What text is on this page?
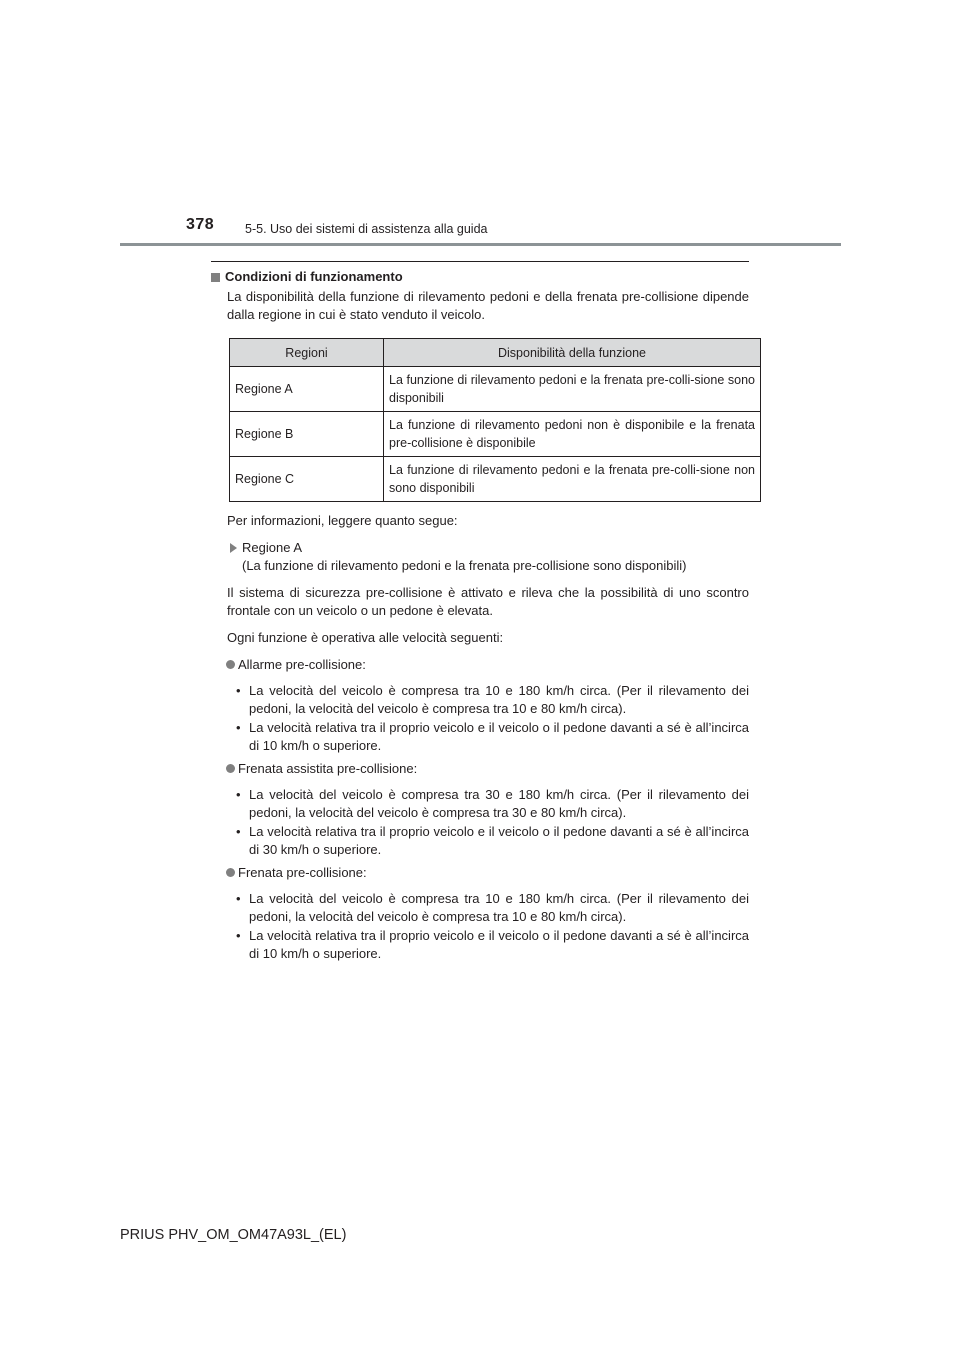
378 5-5. Uso dei sistemi di assistenza alla guida
Condizioni di funzionamento

La disponibilità della funzione di rilevamento pedoni e della frenata pre-collisione dipende dalla regione in cui è stato venduto il veicolo.

Regioni	Disponibilità della funzione
Regione A	La funzione di rilevamento pedoni e la frenata pre-colli-sione sono disponibili
Regione B	La funzione di rilevamento pedoni non è disponibile e la frenata pre-collisione è disponibile
Regione C	La funzione di rilevamento pedoni e la frenata pre-colli-sione non sono disponibili

Per informazioni, leggere quanto segue:

Regione A
(La funzione di rilevamento pedoni e la frenata pre-collisione sono disponibili)

Il sistema di sicurezza pre-collisione è attivato e rileva che la possibilità di uno scontro frontale con un veicolo o un pedone è elevata.

Ogni funzione è operativa alle velocità seguenti:

Allarme pre-collisione:
• La velocità del veicolo è compresa tra 10 e 180 km/h circa. (Per il rilevamento dei pedoni, la velocità del veicolo è compresa tra 10 e 80 km/h circa).
• La velocità relativa tra il proprio veicolo e il veicolo o il pedone davanti a sé è all’incirca di 10 km/h o superiore.
Frenata assistita pre-collisione:
• La velocità del veicolo è compresa tra 30 e 180 km/h circa. (Per il rilevamento dei pedoni, la velocità del veicolo è compresa tra 30 e 80 km/h circa).
• La velocità relativa tra il proprio veicolo e il veicolo o il pedone davanti a sé è all’incirca di 30 km/h o superiore.
Frenata pre-collisione:
• La velocità del veicolo è compresa tra 10 e 180 km/h circa. (Per il rilevamento dei pedoni, la velocità del veicolo è compresa tra 10 e 80 km/h circa).
• La velocità relativa tra il proprio veicolo e il veicolo o il pedone davanti a sé è all’incirca di 10 km/h o superiore.
PRIUS PHV_OM_OM47A93L_(EL)
